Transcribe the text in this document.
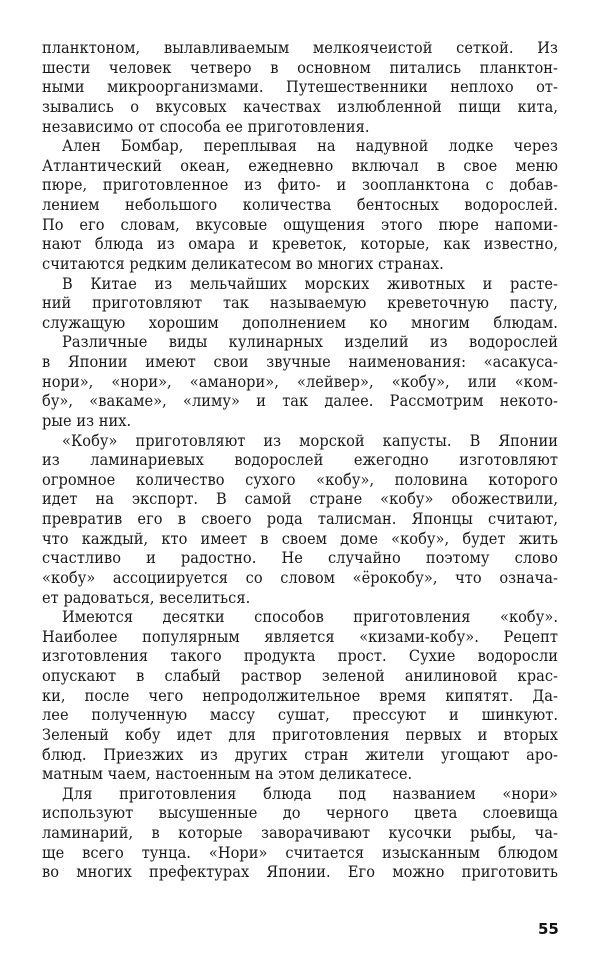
планктоном, вылавливаемым мелкоячеистой сеткой. Из
шести человек четверо в основном питались планктон-
ными микроорганизмами. Путешественники неплохо от-
зывались о вкусовых качествах излюбленной пищи кита,
независимо от способа ее приготовления.
Ален Бомбар, переплывая на надувной лодке через
Атлантический океан, ежедневно включал в свое меню
пюре, приготовленное из фито- и зоопланктона с добав-
лением небольшого количества бентосных водорослей.
По его словам, вкусовые ощущения этого пюре напоми-
нают блюда из омара и креветок, которые, как известно,
считаются редким деликатесом во многих странах.
В Китае из мельчайших морских животных и расте-
ний приготовляют так называемую креветочную пасту,
служащую хорошим дополнением ко многим блюдам.
Различные виды кулинарных изделий из водорослей
в Японии имеют свои звучные наименования: «асакуса-
нори», «нори», «аманори», «лейвер», «кобу», или «ком-
бу», «вакаме», «лиму» и так далее. Рассмотрим некото-
рые из них.
«Кобу» приготовляют из морской капусты. В Японии
из ламинариевых водорослей ежегодно изготовляют
огромное количество сухого «кобу», половина которого
идет на экспорт. В самой стране «кобу» обожествили,
превратив его в своего рода талисман. Японцы считают,
что каждый, кто имеет в своем доме «кобу», будет жить
счастливо и радостно. Не случайно поэтому слово
«кобу» ассоциируется со словом «ёрокобу», что означа-
ет радоваться, веселиться.
Имеются десятки способов приготовления «кобу».
Наиболее популярным является «кизами-кобу». Рецепт
изготовления такого продукта прост. Сухие водоросли
опускают в слабый раствор зеленой анилиновой крас-
ки, после чего непродолжительное время кипятят. Да-
лее полученную массу сушат, прессуют и шинкуют.
Зеленый кобу идет для приготовления первых и вторых
блюд. Приезжих из других стран жители угощают аро-
матным чаем, настоенным на этом деликатесе.
Для приготовления блюда под названием «нори»
используют высушенные до черного цвета слоевища
ламинарий, в которые заворачивают кусочки рыбы, ча-
ще всего тунца. «Нори» считается изысканным блюдом
во многих префектурах Японии. Его можно приготовить
55
